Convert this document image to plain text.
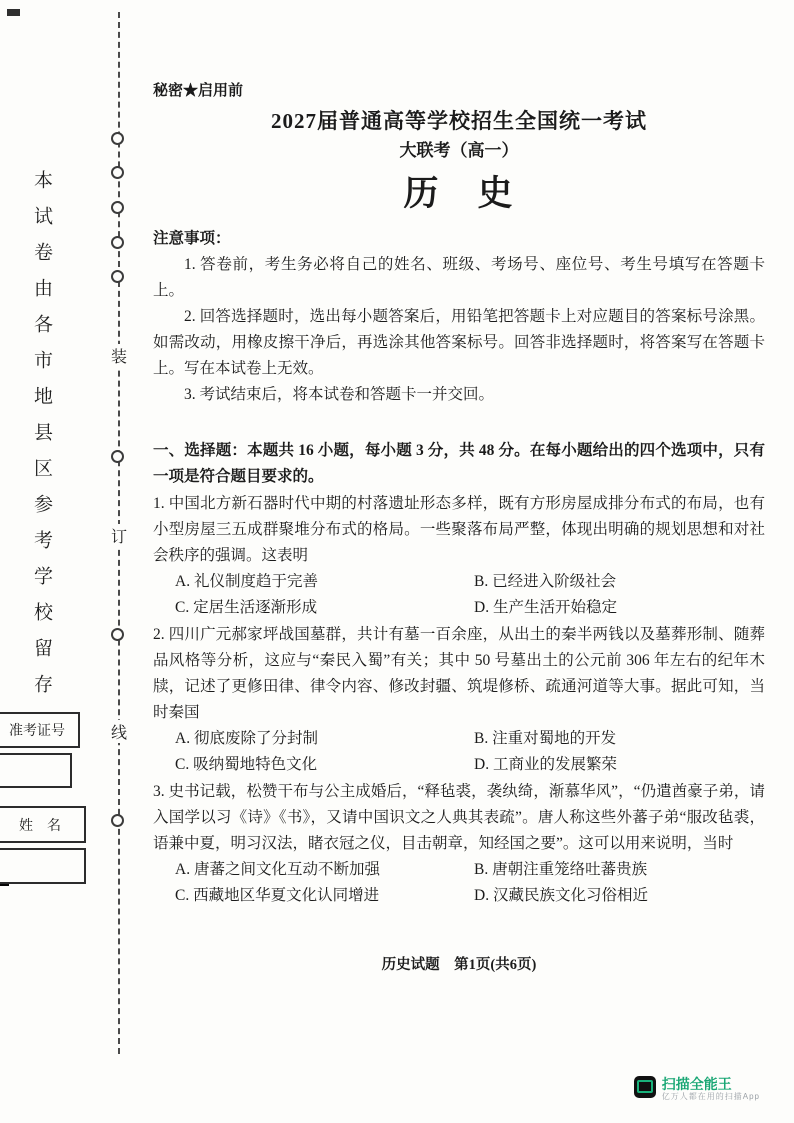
本试卷由各市地县区参考学校留存	装
订
线
准考证号
姓　名
秘密★启用前
2027届普通高等学校招生全国统一考试
大联考（高一）
历　史
注意事项：
1. 答卷前，考生务必将自己的姓名、班级、考场号、座位号、考生号填写在答题卡上。
2. 回答选择题时，选出每小题答案后，用铅笔把答题卡上对应题目的答案标号涂黑。如需改动，用橡皮擦干净后，再选涂其他答案标号。回答非选择题时，将答案写在答题卡上。写在本试卷上无效。
3. 考试结束后，将本试卷和答题卡一并交回。
一、选择题：本题共 16 小题，每小题 3 分，共 48 分。在每小题给出的四个选项中，只有一项是符合题目要求的。
1. 中国北方新石器时代中期的村落遗址形态多样，既有方形房屋成排分布式的布局，也有小型房屋三五成群聚堆分布式的格局。一些聚落布局严整，体现出明确的规划思想和对社会秩序的强调。这表明
A. 礼仪制度趋于完善	B. 已经进入阶级社会
C. 定居生活逐渐形成	D. 生产生活开始稳定
2. 四川广元郝家坪战国墓群，共计有墓一百余座，从出土的秦半两钱以及墓葬形制、随葬品风格等分析，这应与“秦民入蜀”有关；其中 50 号墓出土的公元前 306 年左右的纪年木牍，记述了更修田律、律令内容、修改封疆、筑堤修桥、疏通河道等大事。据此可知，当时秦国
A. 彻底废除了分封制	B. 注重对蜀地的开发
C. 吸纳蜀地特色文化	D. 工商业的发展繁荣
3. 史书记载，松赞干布与公主成婚后，“释毡裘，袭纨绮，渐慕华风”，“仍遣酋豪子弟，请入国学以习《诗》《书》，又请中国识文之人典其表疏”。唐人称这些外蕃子弟“服改毡裘，语兼中夏，明习汉法，睹衣冠之仪，目击朝章，知经国之要”。这可以用来说明，当时
A. 唐蕃之间文化互动不断加强	B. 唐朝注重笼络吐蕃贵族
C. 西藏地区华夏文化认同增进	D. 汉藏民族文化习俗相近
历史试题　第1页(共6页)
扫描全能王
亿万人都在用的扫描App
